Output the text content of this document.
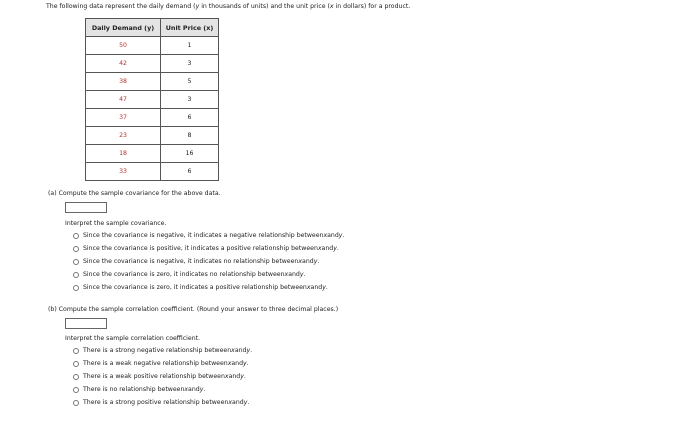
The following data represent the daily demand (y in thousands of units) and the unit price (x in dollars) for a product.
Daily Demand (y)	Unit Price (x)
50	1
42	3
38	5
47	3
37	6
23	8
18	16
33	6
(a) Compute the sample covariance for the above data.
Interpret the sample covariance.
Since the covariance is negative, it indicates a negative relationship between x and y .
Since the covariance is positive, it indicates a positive relationship between x and y .
Since the covariance is negative, it indicates no relationship between x and y .
Since the covariance is zero, it indicates no relationship between x and y .
Since the covariance is zero, it indicates a positive relationship between x and y .
(b) Compute the sample correlation coefficient. (Round your answer to three decimal places.)
Interpret the sample correlation coefficient.
There is a strong negative relationship between x and y .
There is a weak negative relationship between x and y .
There is a weak positive relationship between x and y .
There is no relationship between x and y .
There is a strong positive relationship between x and y .
